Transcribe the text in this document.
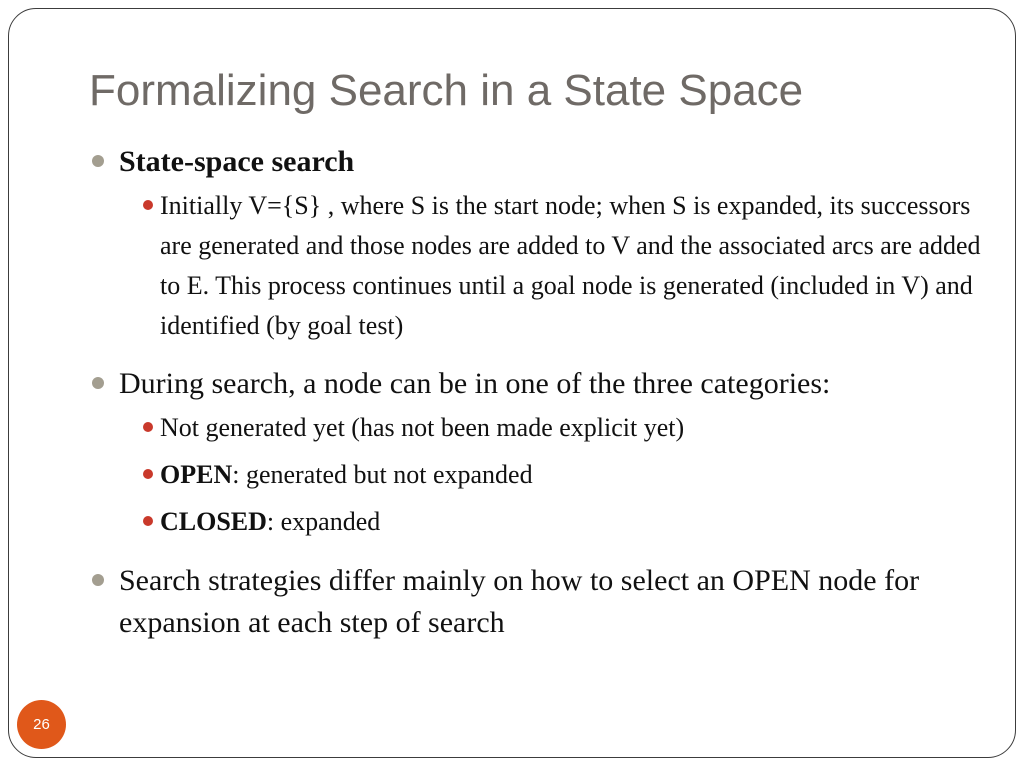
Formalizing Search in a State Space
State-space search
Initially V={S} , where S is the start node; when S is expanded, its successors are generated and those nodes are added to V and the associated arcs are added to E. This process continues until a goal node is generated (included in V) and identified (by goal test)
During search, a node can be in one of the three categories:
Not generated yet (has not been made explicit yet)
OPEN: generated but not expanded
CLOSED: expanded
Search strategies differ mainly on how to select an OPEN node for expansion at each step of search
26
